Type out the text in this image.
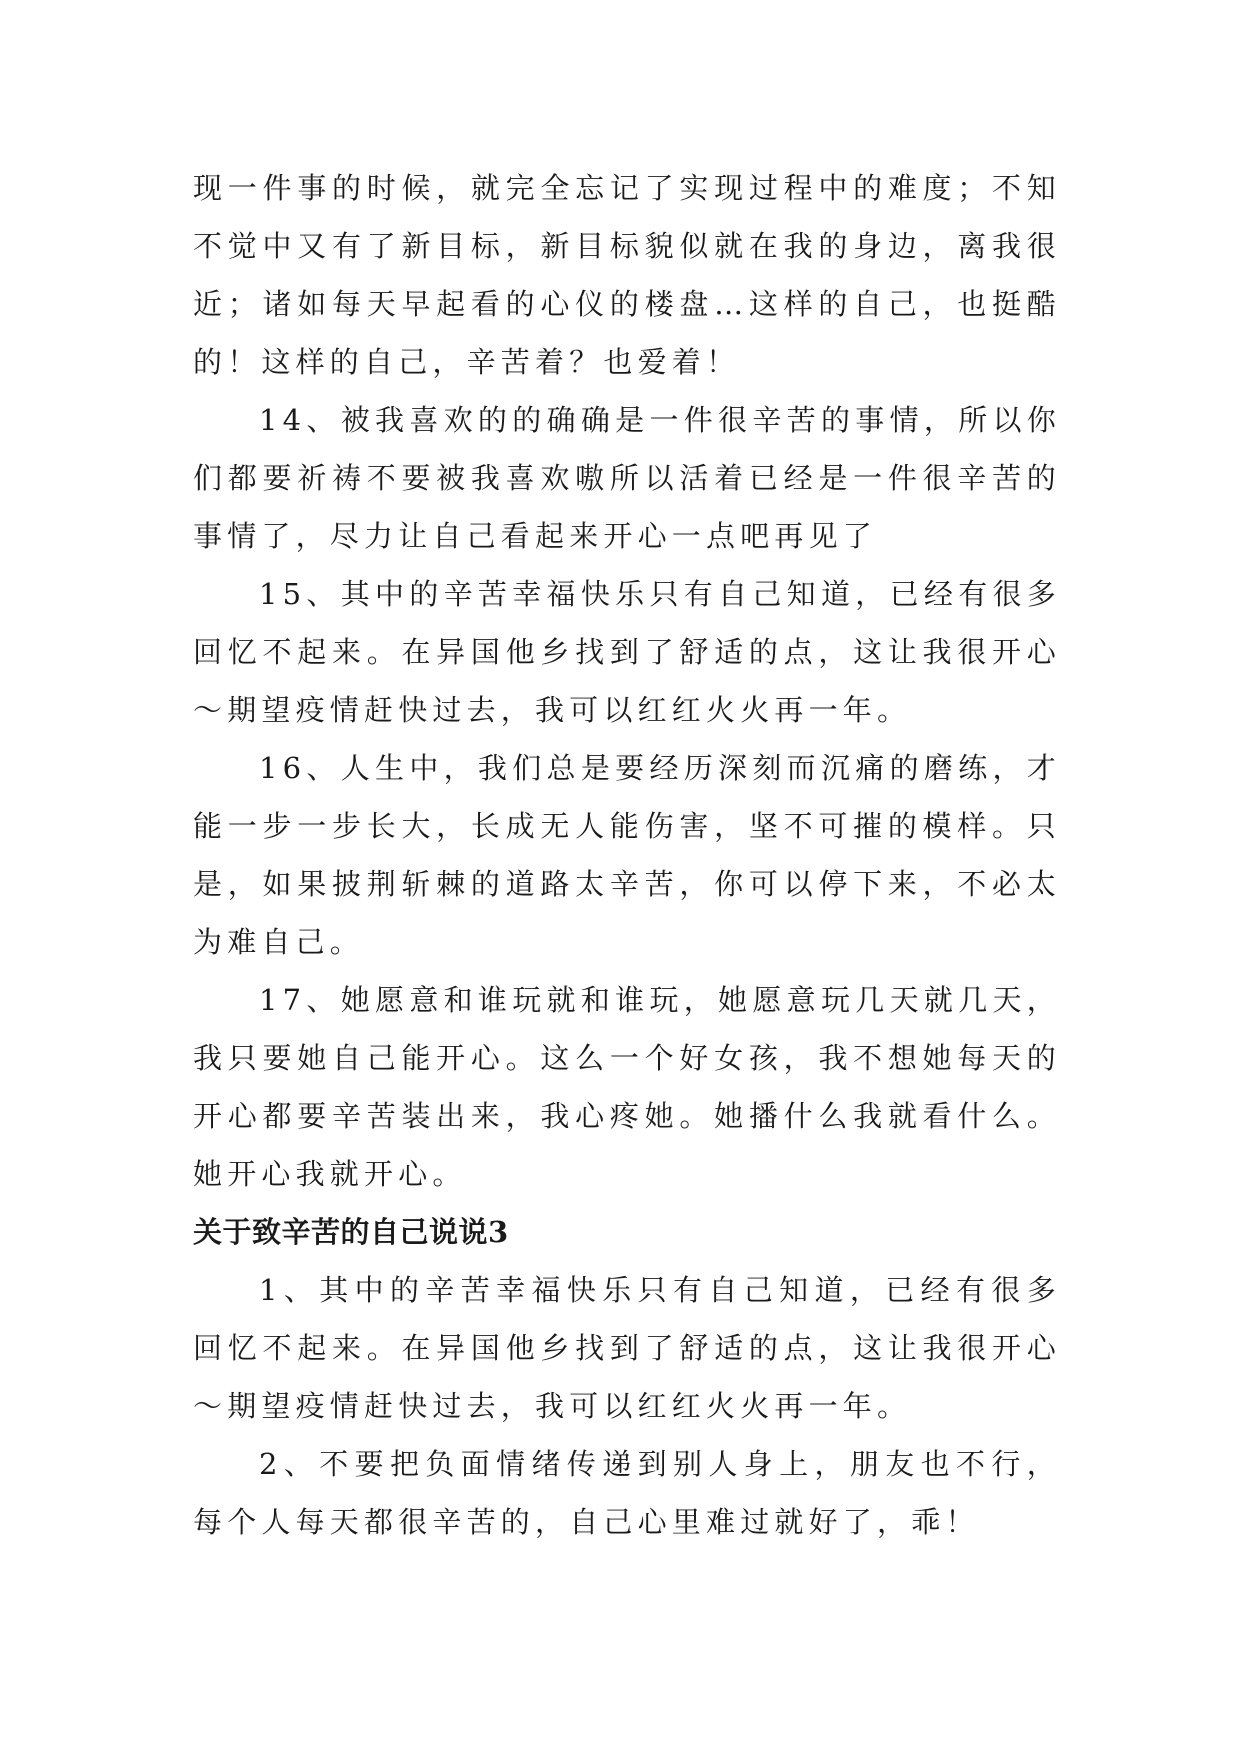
现一件事的时候，就完全忘记了实现过程中的难度；不知不觉中又有了新目标，新目标貌似就在我的身边，离我很近；诸如每天早起看的心仪的楼盘…这样的自己，也挺酷的！这样的自己，辛苦着？也爱着！

14、被我喜欢的的确确是一件很辛苦的事情，所以你们都要祈祷不要被我喜欢嗷所以活着已经是一件很辛苦的事情了，尽力让自己看起来开心一点吧再见了

15、其中的辛苦幸福快乐只有自己知道，已经有很多回忆不起来。在异国他乡找到了舒适的点，这让我很开心～期望疫情赶快过去，我可以红红火火再一年。

16、人生中，我们总是要经历深刻而沉痛的磨练，才能一步一步长大，长成无人能伤害，坚不可摧的模样。只是，如果披荆斩棘的道路太辛苦，你可以停下来，不必太为难自己。

17、她愿意和谁玩就和谁玩，她愿意玩几天就几天，我只要她自己能开心。这么一个好女孩，我不想她每天的开心都要辛苦装出来，我心疼她。她播什么我就看什么。她开心我就开心。

关于致辛苦的自己说说3

1、其中的辛苦幸福快乐只有自己知道，已经有很多回忆不起来。在异国他乡找到了舒适的点，这让我很开心～期望疫情赶快过去，我可以红红火火再一年。

2、不要把负面情绪传递到别人身上，朋友也不行，每个人每天都很辛苦的，自己心里难过就好了，乖！
